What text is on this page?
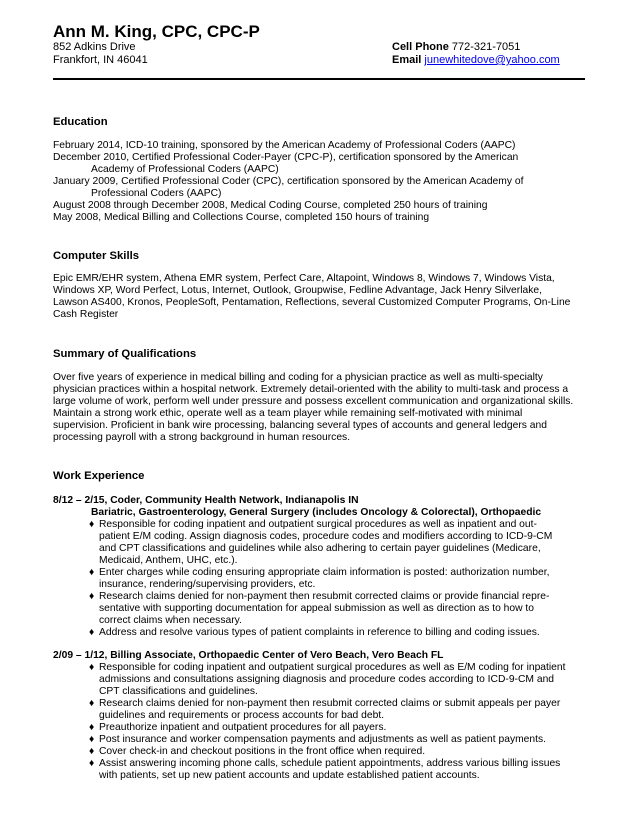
Ann M. King, CPC, CPC-P
852 Adkins Drive
Frankfort, IN 46041
Cell Phone 772-321-7051
Email junewhitedove@yahoo.com
Education
February 2014, ICD-10 training, sponsored by the American Academy of Professional Coders (AAPC)
December 2010, Certified Professional Coder-Payer (CPC-P), certification sponsored by the American
Academy of Professional Coders (AAPC)
January 2009, Certified Professional Coder (CPC), certification sponsored by the American Academy of
Professional Coders (AAPC)
August 2008 through December 2008, Medical Coding Course, completed 250 hours of training
May 2008, Medical Billing and Collections Course, completed 150 hours of training
Computer Skills
Epic EMR/EHR system, Athena EMR system, Perfect Care, Altapoint, Windows 8, Windows 7, Windows Vista,
Windows XP, Word Perfect, Lotus, Internet, Outlook, Groupwise, Fedline Advantage, Jack Henry Silverlake,
Lawson AS400, Kronos, PeopleSoft, Pentamation, Reflections, several Customized Computer Programs, On-Line
Cash Register
Summary of Qualifications
Over five years of experience in medical billing and coding for a physician practice as well as multi-specialty
physician practices within a hospital network. Extremely detail-oriented with the ability to multi-task and process a
large volume of work, perform well under pressure and possess excellent communication and organizational skills.
Maintain a strong work ethic, operate well as a team player while remaining self-motivated with minimal
supervision. Proficient in bank wire processing, balancing several types of accounts and general ledgers and
processing payroll with a strong background in human resources.
Work Experience
8/12 – 2/15, Coder, Community Health Network, Indianapolis IN
Bariatric, Gastroenterology, General Surgery (includes Oncology & Colorectal), Orthopaedic
♦ Responsible for coding inpatient and outpatient surgical procedures as well as inpatient and out-
patient E/M coding. Assign diagnosis codes, procedure codes and modifiers according to ICD-9-CM
and CPT classifications and guidelines while also adhering to certain payer guidelines (Medicare,
Medicaid, Anthem, UHC, etc.).
♦ Enter charges while coding ensuring appropriate claim information is posted: authorization number,
insurance, rendering/supervising providers, etc.
♦ Research claims denied for non-payment then resubmit corrected claims or provide financial repre-
sentative with supporting documentation for appeal submission as well as direction as to how to
correct claims when necessary.
♦ Address and resolve various types of patient complaints in reference to billing and coding issues.
2/09 – 1/12, Billing Associate, Orthopaedic Center of Vero Beach, Vero Beach FL
♦ Responsible for coding inpatient and outpatient surgical procedures as well as E/M coding for inpatient
admissions and consultations assigning diagnosis and procedure codes according to ICD-9-CM and
CPT classifications and guidelines.
♦ Research claims denied for non-payment then resubmit corrected claims or submit appeals per payer
guidelines and requirements or process accounts for bad debt.
♦ Preauthorize inpatient and outpatient procedures for all payers.
♦ Post insurance and worker compensation payments and adjustments as well as patient payments.
♦ Cover check-in and checkout positions in the front office when required.
♦ Assist answering incoming phone calls, schedule patient appointments, address various billing issues
with patients, set up new patient accounts and update established patient accounts.
